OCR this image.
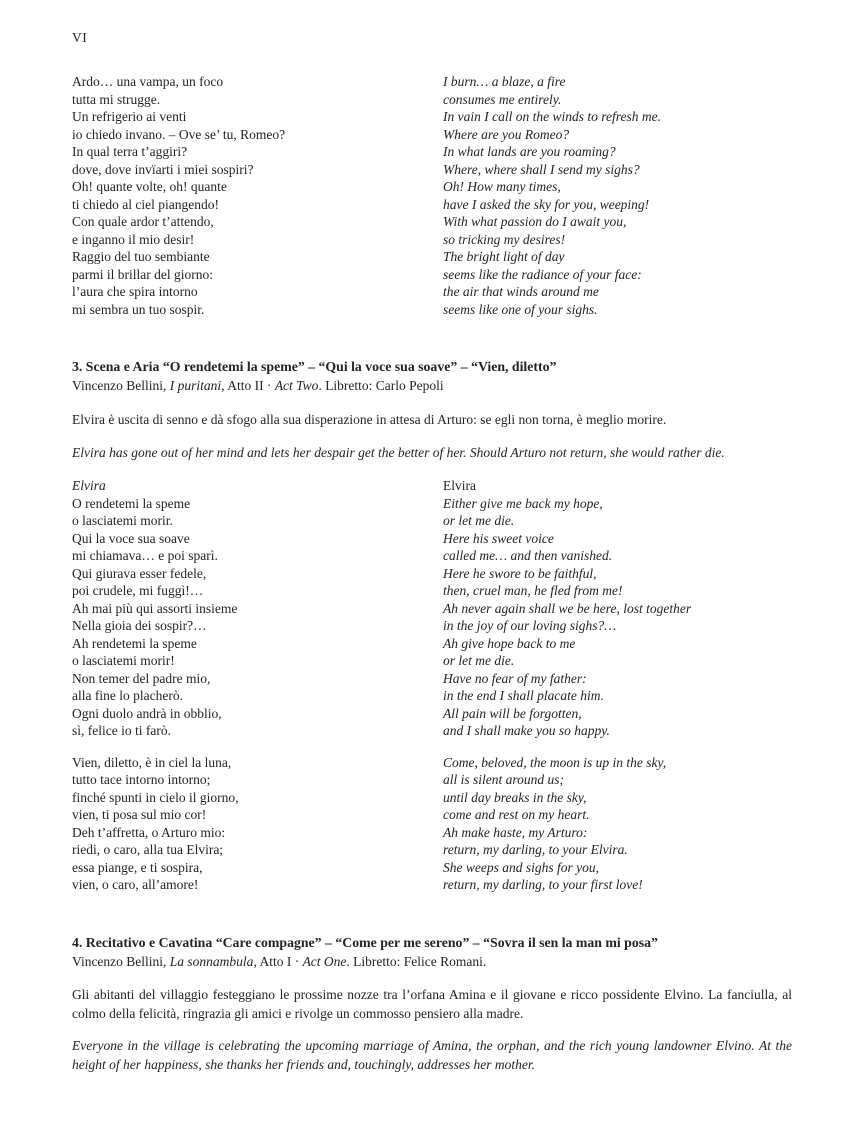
VI
Ardo… una vampa, un foco
tutta mi strugge.
Un refrigerio ai venti
io chiedo invano. – Ove se’ tu, Romeo?
In qual terra t’aggiri?
dove, dove invïarti i miei sospiri?
Oh! quante volte, oh! quante
ti chiedo al ciel piangendo!
Con quale ardor t’attendo,
e inganno il mio desir!
Raggio del tuo sembiante
parmi il brillar del giorno:
l’aura che spira intorno
mi sembra un tuo sospir.
I burn… a blaze, a fire
consumes me entirely.
In vain I call on the winds to refresh me.
Where are you Romeo?
In what lands are you roaming?
Where, where shall I send my sighs?
Oh! How many times,
have I asked the sky for you, weeping!
With what passion do I await you,
so tricking my desires!
The bright light of day
seems like the radiance of your face:
the air that winds around me
seems like one of your sighs.
3. Scena e Aria “O rendetemi la speme” – “Qui la voce sua soave” – “Vien, diletto”
Vincenzo Bellini, I puritani, Atto II · Act Two. Libretto: Carlo Pepoli
Elvira è uscita di senno e dà sfogo alla sua disperazione in attesa di Arturo: se egli non torna, è meglio morire.
Elvira has gone out of her mind and lets her despair get the better of her. Should Arturo not return, she would rather die.
Elvira
O rendetemi la speme
o lasciatemi morir.
Qui la voce sua soave
mi chiamava… e poi sparì.
Qui giurava esser fedele,
poi crudele, mi fuggì!…
Ah mai più qui assorti insieme
Nella gioia dei sospir?…
Ah rendetemi la speme
o lasciatemi morir!
Non temer del padre mio,
alla fine lo placherò.
Ogni duolo andrà in obblio,
sì, felice io ti farò.
Elvira
Either give me back my hope,
or let me die.
Here his sweet voice
called me… and then vanished.
Here he swore to be faithful,
then, cruel man, he fled from me!
Ah never again shall we be here, lost together
in the joy of our loving sighs?…
Ah give hope back to me
or let me die.
Have no fear of my father:
in the end I shall placate him.
All pain will be forgotten,
and I shall make you so happy.
Vien, diletto, è in ciel la luna,
tutto tace intorno intorno;
finché spunti in cielo il giorno,
vien, ti posa sul mio cor!
Deh t’affretta, o Arturo mio:
riedi, o caro, alla tua Elvira;
essa piange, e ti sospira,
vien, o caro, all’amore!
Come, beloved, the moon is up in the sky,
all is silent around us;
until day breaks in the sky,
come and rest on my heart.
Ah make haste, my Arturo:
return, my darling, to your Elvira.
She weeps and sighs for you,
return, my darling, to your first love!
4. Recitativo e Cavatina “Care compagne” – “Come per me sereno” – “Sovra il sen la man mi posa”
Vincenzo Bellini, La sonnambula, Atto I · Act One. Libretto: Felice Romani.
Gli abitanti del villaggio festeggiano le prossime nozze tra l’orfana Amina e il giovane e ricco possidente Elvino. La fanciulla, al colmo della felicità, ringrazia gli amici e rivolge un commosso pensiero alla madre.
Everyone in the village is celebrating the upcoming marriage of Amina, the orphan, and the rich young landowner Elvino. At the height of her happiness, she thanks her friends and, touchingly, addresses her mother.
